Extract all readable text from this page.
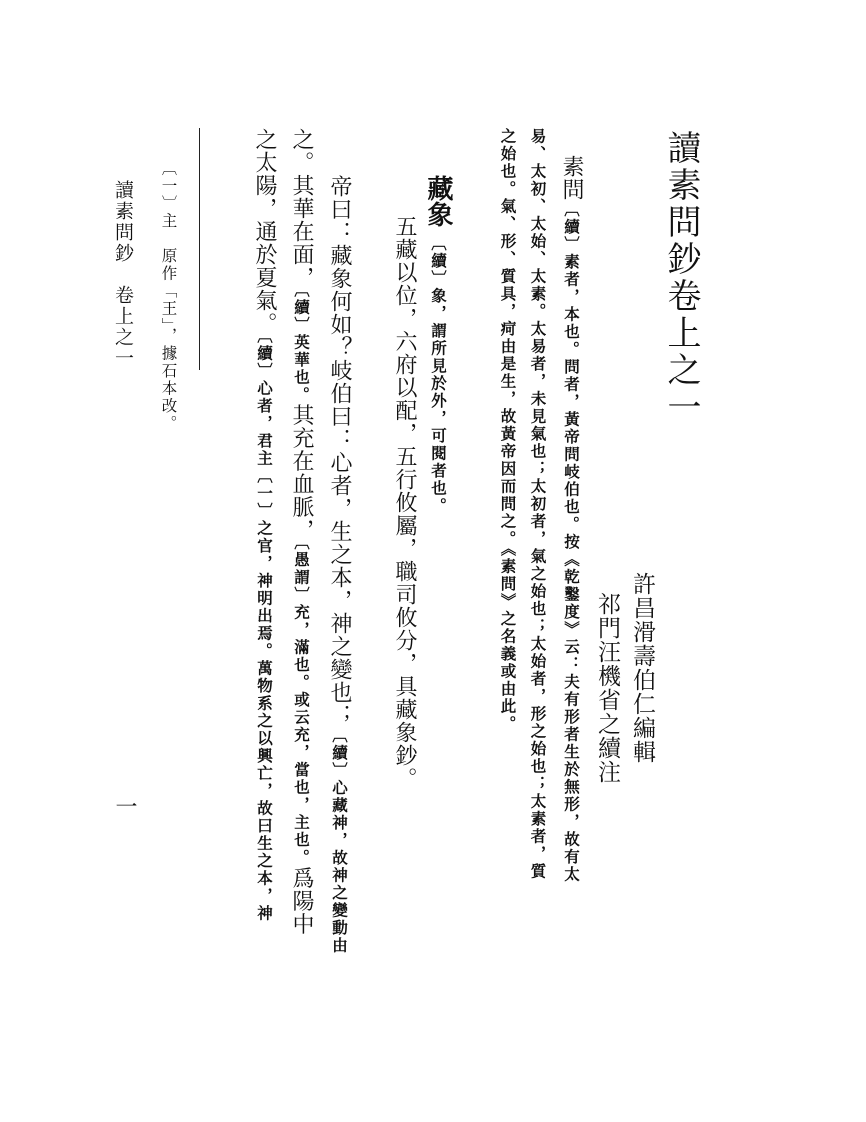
讀素問鈔卷上之一
許昌滑壽伯仁編輯
祁門汪機省之續注
素問〔續〕素者，本也。問者，黃帝問岐伯也。按《乾鑿度》云：夫有形者生於無形，故有太
易、太初、太始、太素。太易者，未見氣也；太初者，氣之始也；太始者，形之始也；太素者，質
之始也。氣、形、質具，疴由是生，故黃帝因而問之。《素問》之名義或由此。
藏象〔續〕象，謂所見於外，可閱者也。
五藏以位，六府以配，五行攸屬，職司攸分，具藏象鈔。
帝曰：藏象何如？岐伯曰：心者，生之本，神之變也；〔續〕心藏神，故神之變動由
之。其華在面，〔續〕英華也。其充在血脈，〔愚謂〕充，滿也。或云充，當也，主也。爲陽中
之太陽，通於夏氣。〔續〕心者，君主〔一〕之官，神明出焉。萬物系之以興亡，故曰生之本，神
〔一〕主　原作「王」，據石本改。
讀素問鈔　卷上之一
一
